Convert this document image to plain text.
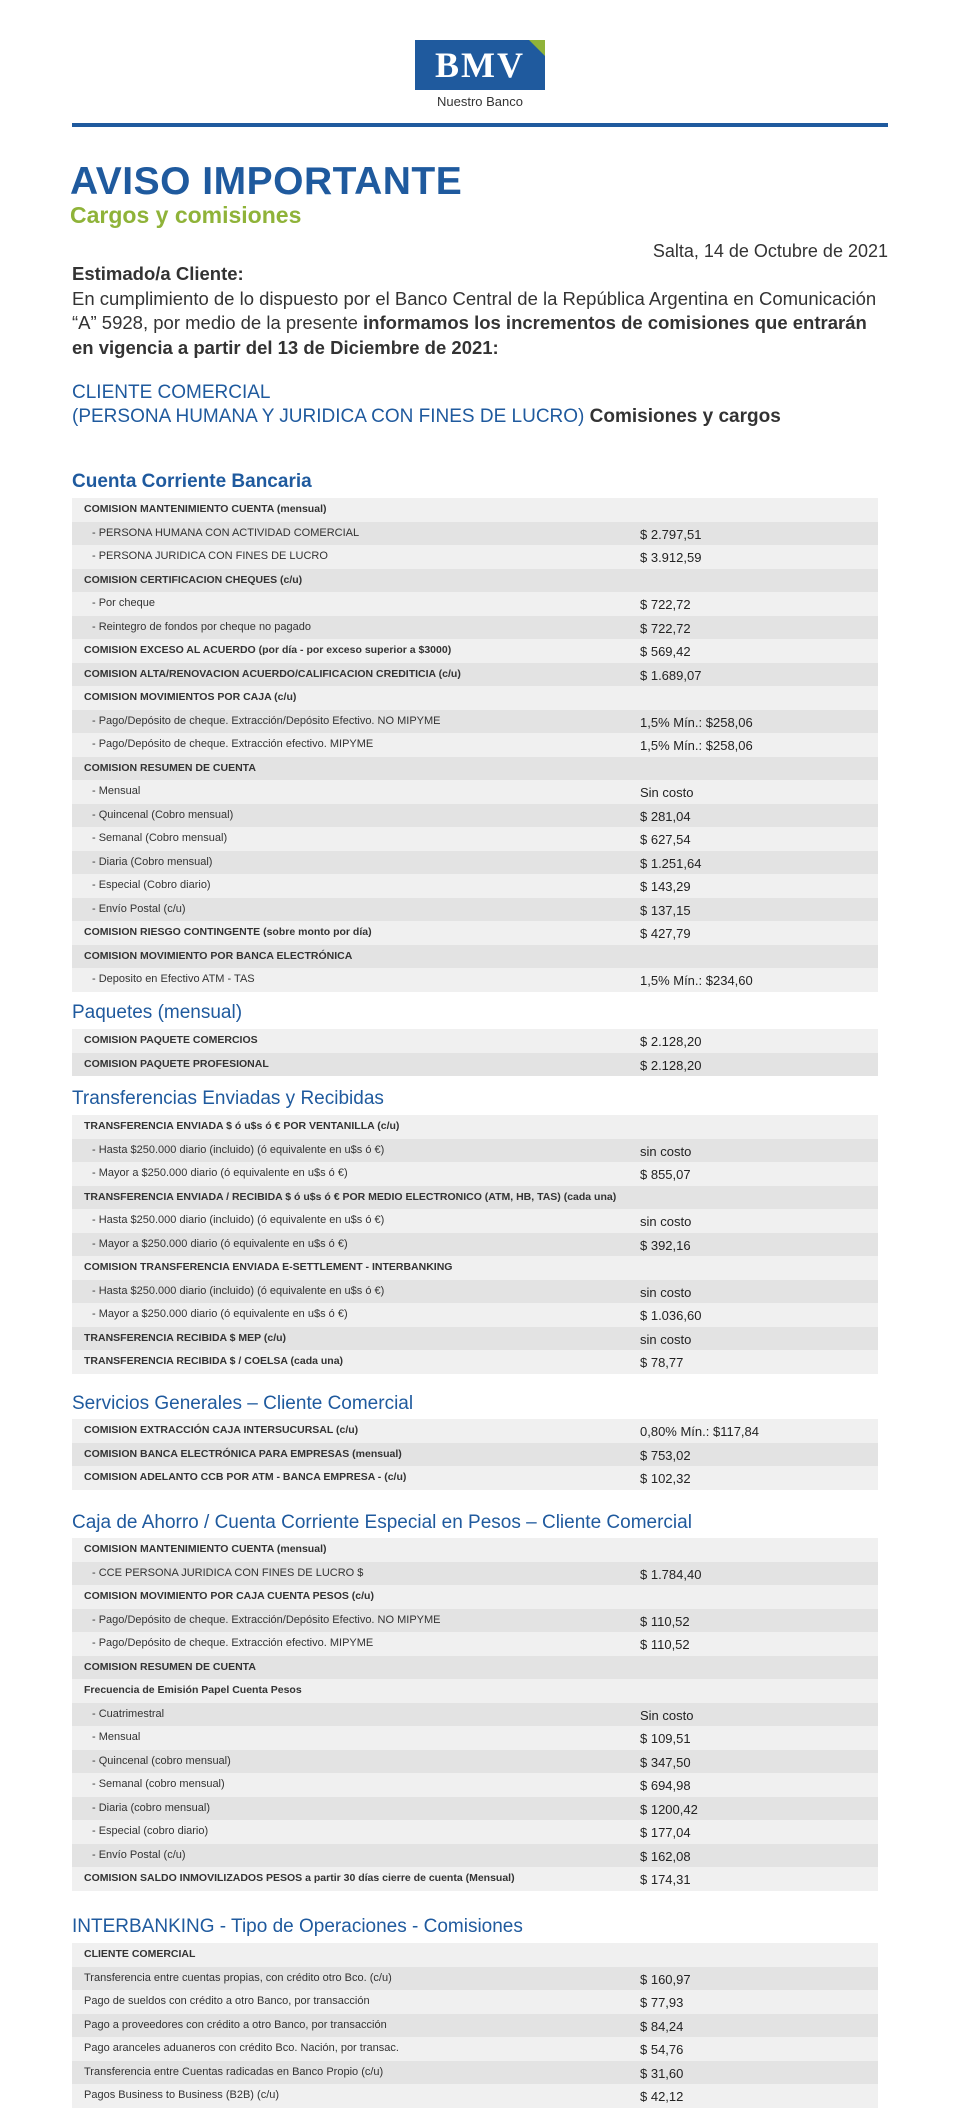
BMV
Nuestro Banco
AVISO IMPORTANTE
Cargos y comisiones
Salta, 14 de Octubre de 2021

Estimado/a Cliente:

En cumplimiento de lo dispuesto por el Banco Central de la República Argentina en Comunicación “A” 5928, por medio de la presente informamos los incrementos de comisiones que entrarán en vigencia a partir del 13 de Diciembre de 2021:

CLIENTE COMERCIAL
(PERSONA HUMANA Y JURIDICA CON FINES DE LUCRO) Comisiones y cargos
Cuenta Corriente Bancaria
COMISION MANTENIMIENTO CUENTA (mensual)
- PERSONA HUMANA CON ACTIVIDAD COMERCIAL	$ 2.797,51
- PERSONA JURIDICA CON FINES DE LUCRO	$ 3.912,59
COMISION CERTIFICACION CHEQUES (c/u)
- Por cheque	$ 722,72
- Reintegro de fondos por cheque no pagado	$ 722,72
COMISION EXCESO AL ACUERDO (por día - por exceso superior a $3000)	$ 569,42
COMISION ALTA/RENOVACION ACUERDO/CALIFICACION CREDITICIA (c/u)	$ 1.689,07
COMISION MOVIMIENTOS POR CAJA (c/u)
- Pago/Depósito de cheque. Extracción/Depósito Efectivo. NO MIPYME	1,5% Mín.: $258,06
- Pago/Depósito de cheque. Extracción efectivo. MIPYME	1,5% Mín.: $258,06
COMISION RESUMEN DE CUENTA
- Mensual	Sin costo
- Quincenal (Cobro mensual)	$ 281,04
- Semanal (Cobro mensual)	$ 627,54
- Diaria (Cobro mensual)	$ 1.251,64
- Especial (Cobro diario)	$ 143,29
- Envío Postal (c/u)	$ 137,15
COMISION RIESGO CONTINGENTE (sobre monto por día)	$ 427,79
COMISION MOVIMIENTO POR BANCA ELECTRÓNICA
- Deposito en Efectivo ATM - TAS	1,5% Mín.: $234,60
Paquetes (mensual)
COMISION PAQUETE COMERCIOS	$ 2.128,20
COMISION PAQUETE PROFESIONAL	$ 2.128,20
Transferencias Enviadas y Recibidas
TRANSFERENCIA ENVIADA $ ó u$s ó € POR VENTANILLA (c/u)
- Hasta $250.000 diario (incluido) (ó equivalente en u$s ó €)	sin costo
- Mayor a $250.000 diario (ó equivalente en u$s ó €)	$ 855,07
TRANSFERENCIA ENVIADA / RECIBIDA $ ó u$s ó € POR MEDIO ELECTRONICO (ATM, HB, TAS) (cada una)
- Hasta $250.000 diario (incluido) (ó equivalente en u$s ó €)	sin costo
- Mayor a $250.000 diario (ó equivalente en u$s ó €)	$ 392,16
COMISION TRANSFERENCIA ENVIADA E-SETTLEMENT - INTERBANKING
- Hasta $250.000 diario (incluido) (ó equivalente en u$s ó €)	sin costo
- Mayor a $250.000 diario (ó equivalente en u$s ó €)	$ 1.036,60
TRANSFERENCIA RECIBIDA $ MEP (c/u)	sin costo
TRANSFERENCIA RECIBIDA $ / COELSA (cada una)	$ 78,77
Servicios Generales – Cliente Comercial
COMISION EXTRACCIÓN CAJA INTERSUCURSAL (c/u)	0,80% Mín.: $117,84
COMISION BANCA ELECTRÓNICA PARA EMPRESAS (mensual)	$ 753,02
COMISION ADELANTO CCB POR ATM - BANCA EMPRESA - (c/u)	$ 102,32
Caja de Ahorro / Cuenta Corriente Especial en Pesos – Cliente Comercial
COMISION MANTENIMIENTO CUENTA (mensual)
- CCE PERSONA JURIDICA CON FINES DE LUCRO $	$ 1.784,40
COMISION MOVIMIENTO POR CAJA CUENTA PESOS (c/u)
- Pago/Depósito de cheque. Extracción/Depósito Efectivo. NO MIPYME	$ 110,52
- Pago/Depósito de cheque. Extracción efectivo. MIPYME	$ 110,52
COMISION RESUMEN DE CUENTA
Frecuencia de Emisión Papel Cuenta Pesos
- Cuatrimestral	Sin costo
- Mensual	$ 109,51
- Quincenal (cobro mensual)	$ 347,50
- Semanal (cobro mensual)	$ 694,98
- Diaria (cobro mensual)	$ 1200,42
- Especial (cobro diario)	$ 177,04
- Envío Postal (c/u)	$ 162,08
COMISION SALDO INMOVILIZADOS PESOS a partir 30 días cierre de cuenta (Mensual)	$ 174,31
INTERBANKING - Tipo de Operaciones - Comisiones
CLIENTE COMERCIAL
Transferencia entre cuentas propias, con crédito otro Bco. (c/u)	$ 160,97
Pago de sueldos con crédito a otro Banco, por transacción	$ 77,93
Pago a proveedores con crédito a otro Banco, por transacción	$ 84,24
Pago aranceles aduaneros con crédito Bco. Nación, por transac.	$ 54,76
Transferencia entre Cuentas radicadas en Banco Propio (c/u)	$ 31,60
Pagos Business to Business (B2B) (c/u)	$ 42,12
